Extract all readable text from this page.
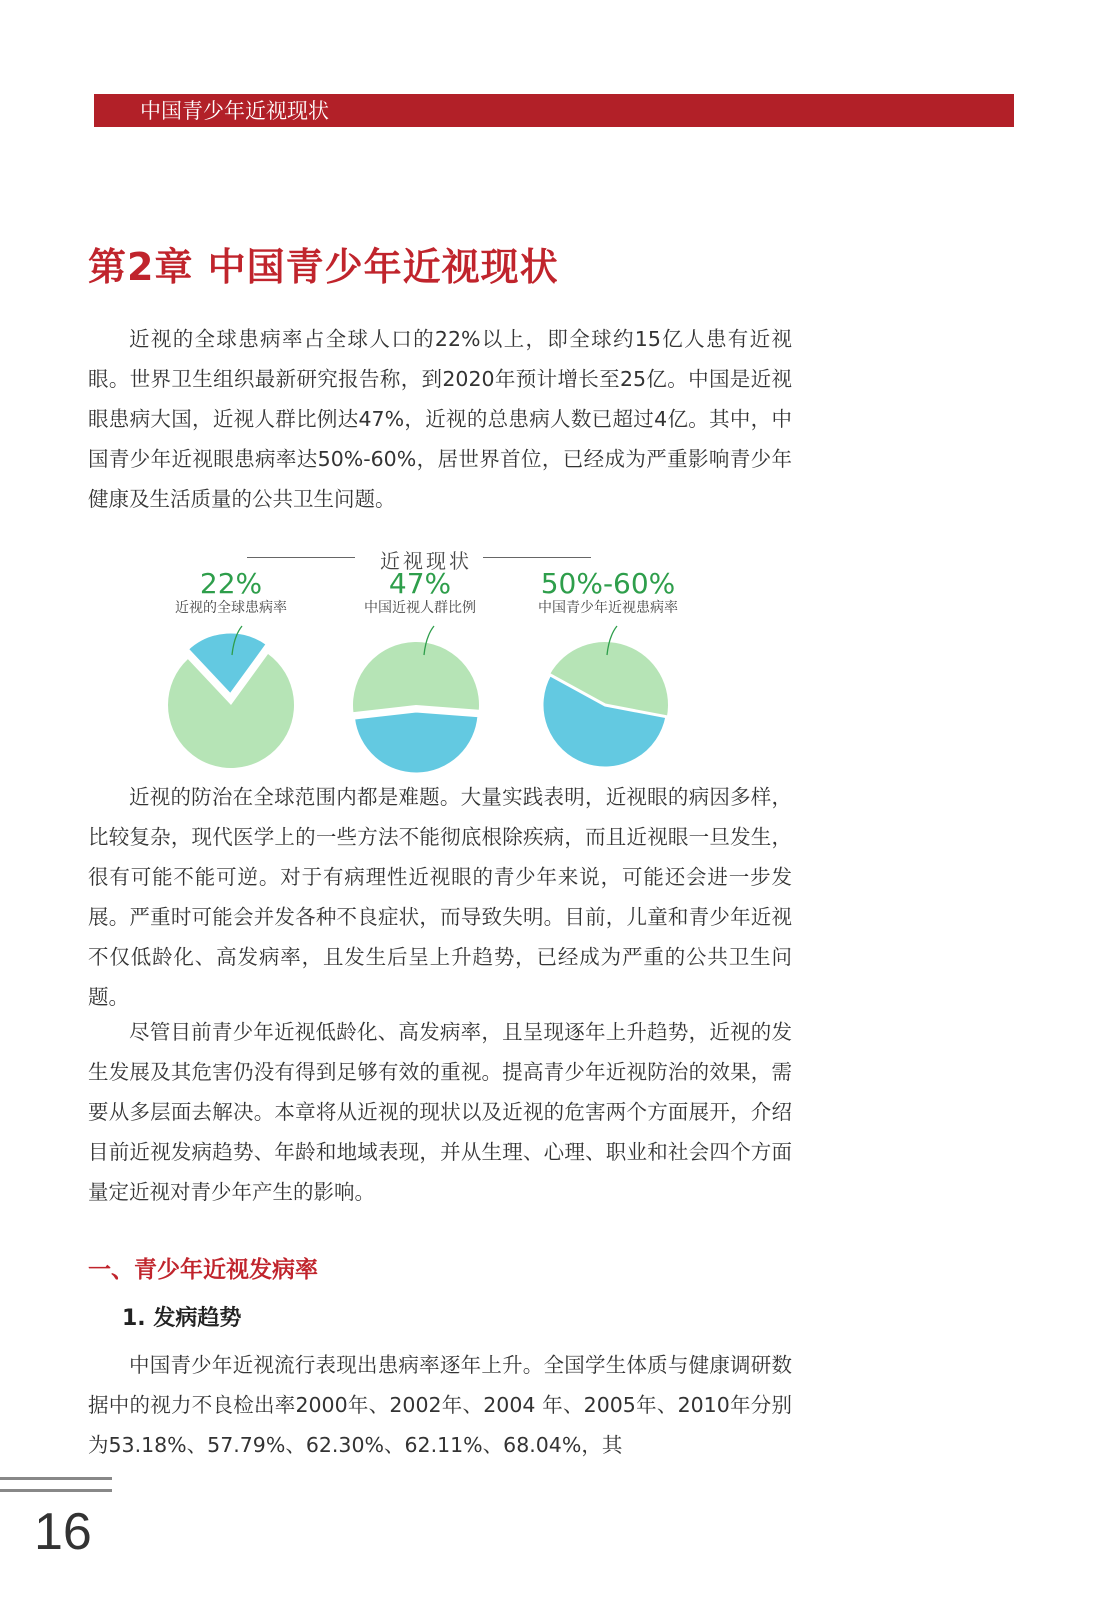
中国青少年近视现状
第2章 中国青少年近视现状

近视的全球患病率占全球人口的22%以上，即全球约15亿人患有近视眼。世界卫生组织最新研究报告称，到2020年预计增长至25亿。中国是近视眼患病大国，近视人群比例达47%，近视的总患病人数已超过4亿。其中，中国青少年近视眼患病率达50%-60%，居世界首位，已经成为严重影响青少年健康及生活质量的公共卫生问题。

近视现状
22%
近视的全球患病率
47%
中国近视人群比例
50%-60%
中国青少年近视患病率

近视的防治在全球范围内都是难题。大量实践表明，近视眼的病因多样，比较复杂，现代医学上的一些方法不能彻底根除疾病，而且近视眼一旦发生，很有可能不能可逆。对于有病理性近视眼的青少年来说，可能还会进一步发展。严重时可能会并发各种不良症状，而导致失明。目前，儿童和青少年近视不仅低龄化、高发病率，且发生后呈上升趋势，已经成为严重的公共卫生问题。

尽管目前青少年近视低龄化、高发病率，且呈现逐年上升趋势，近视的发生发展及其危害仍没有得到足够有效的重视。提高青少年近视防治的效果，需要从多层面去解决。本章将从近视的现状以及近视的危害两个方面展开，介绍目前近视发病趋势、年龄和地域表现，并从生理、心理、职业和社会四个方面量定近视对青少年产生的影响。

一、青少年近视发病率
1. 发病趋势

中国青少年近视流行表现出患病率逐年上升。全国学生体质与健康调研数据中的视力不良检出率2000年、2002年、2004 年、2005年、2010年分别为53.18%、57.79%、62.30%、62.11%、68.04%，其

16
